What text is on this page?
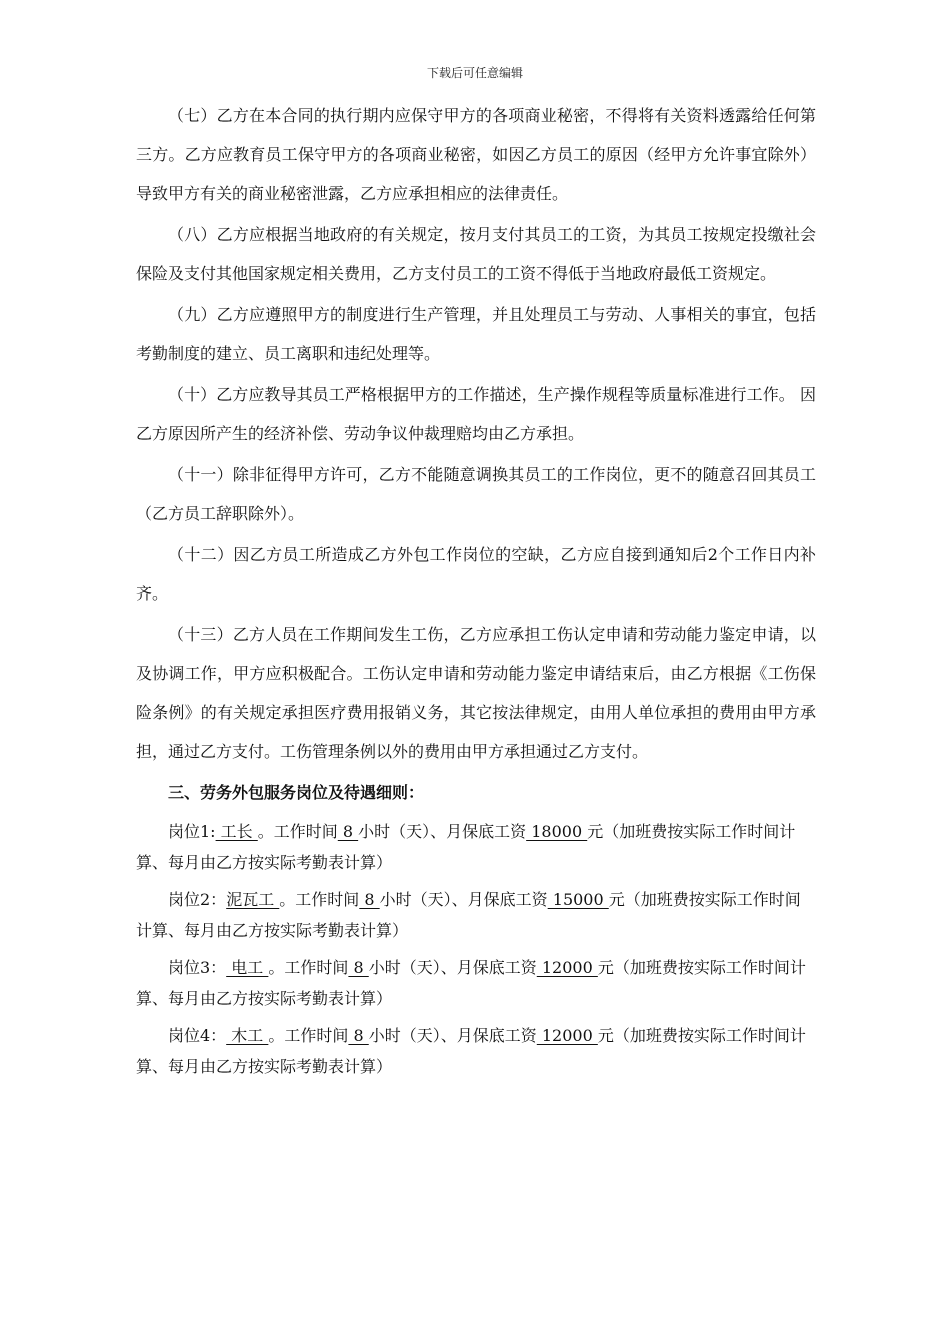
下载后可任意编辑

（七）乙方在本合同的执行期内应保守甲方的各项商业秘密，不得将有关资料透露给任何第三方。乙方应教育员工保守甲方的各项商业秘密，如因乙方员工的原因（经甲方允许事宜除外）导致甲方有关的商业秘密泄露，乙方应承担相应的法律责任。

（八）乙方应根据当地政府的有关规定，按月支付其员工的工资，为其员工按规定投缴社会保险及支付其他国家规定相关费用，乙方支付员工的工资不得低于当地政府最低工资规定。

（九）乙方应遵照甲方的制度进行生产管理，并且处理员工与劳动、人事相关的事宜，包括考勤制度的建立、员工离职和违纪处理等。

（十）乙方应教导其员工严格根据甲方的工作描述，生产操作规程等质量标准进行工作。 因乙方原因所产生的经济补偿、劳动争议仲裁理赔均由乙方承担。

（十一）除非征得甲方许可，乙方不能随意调换其员工的工作岗位，更不的随意召回其员工（乙方员工辞职除外）。

（十二）因乙方员工所造成乙方外包工作岗位的空缺，乙方应自接到通知后2个工作日内补齐。

（十三）乙方人员在工作期间发生工伤，乙方应承担工伤认定申请和劳动能力鉴定申请，以及协调工作，甲方应积极配合。工伤认定申请和劳动能力鉴定申请结束后，由乙方根据《工伤保险条例》的有关规定承担医疗费用报销义务，其它按法律规定，由用人单位承担的费用由甲方承担，通过乙方支付。工伤管理条例以外的费用由甲方承担通过乙方支付。

三、劳务外包服务岗位及待遇细则：

岗位1: 工长 。工作时间 8 小时（天）、月保底工资 18000 元（加班费按实际工作时间计算、每月由乙方按实际考勤表计算）

岗位2：泥瓦工 。工作时间 8 小时（天）、月保底工资 15000 元（加班费按实际工作时间计算、每月由乙方按实际考勤表计算）

岗位3： 电工 。工作时间 8 小时（天）、月保底工资 12000 元（加班费按实际工作时间计算、每月由乙方按实际考勤表计算）

岗位4： 木工 。工作时间 8 小时（天）、月保底工资 12000 元（加班费按实际工作时间计算、每月由乙方按实际考勤表计算）
